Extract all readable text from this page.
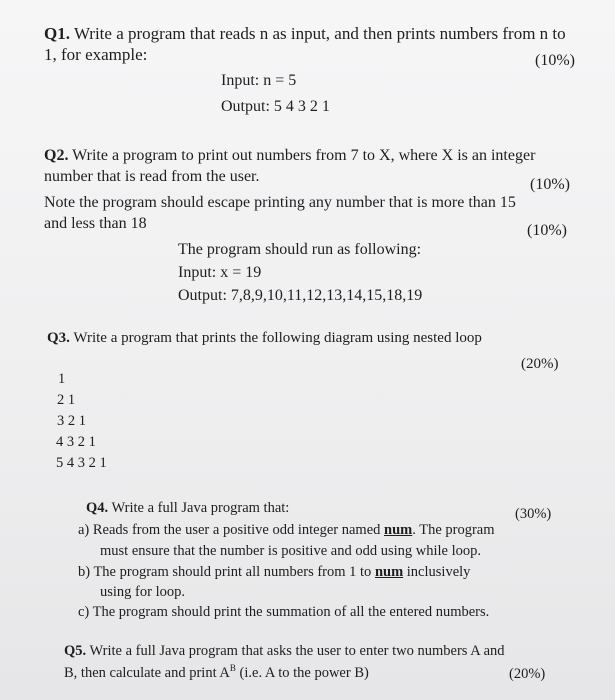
Q1. Write a program that reads n as input, and then prints numbers from n to
1, for example:	(10%)
Input: n = 5
Output: 5 4 3 2 1
Q2. Write a program to print out numbers from 7 to X, where X is an integer
number that is read from the user.	(10%)
Note the program should escape printing any number that is more than 15
and less than 18	(10%)
The program should run as following:
Input: x = 19
Output: 7,8,9,10,11,12,13,14,15,18,19
Q3. Write a program that prints the following diagram using nested loop
(20%)
1
2 1
3 2 1
4 3 2 1
5 4 3 2 1
Q4. Write a full Java program that:	(30%)
a) Reads from the user a positive odd integer named num. The program
must ensure that the number is positive and odd using while loop.
b) The program should print all numbers from 1 to num inclusively
using for loop.
c) The program should print the summation of all the entered numbers.
Q5. Write a full Java program that asks the user to enter two numbers A and
B, then calculate and print $A^B$ (i.e. A to the power B)	(20%)
